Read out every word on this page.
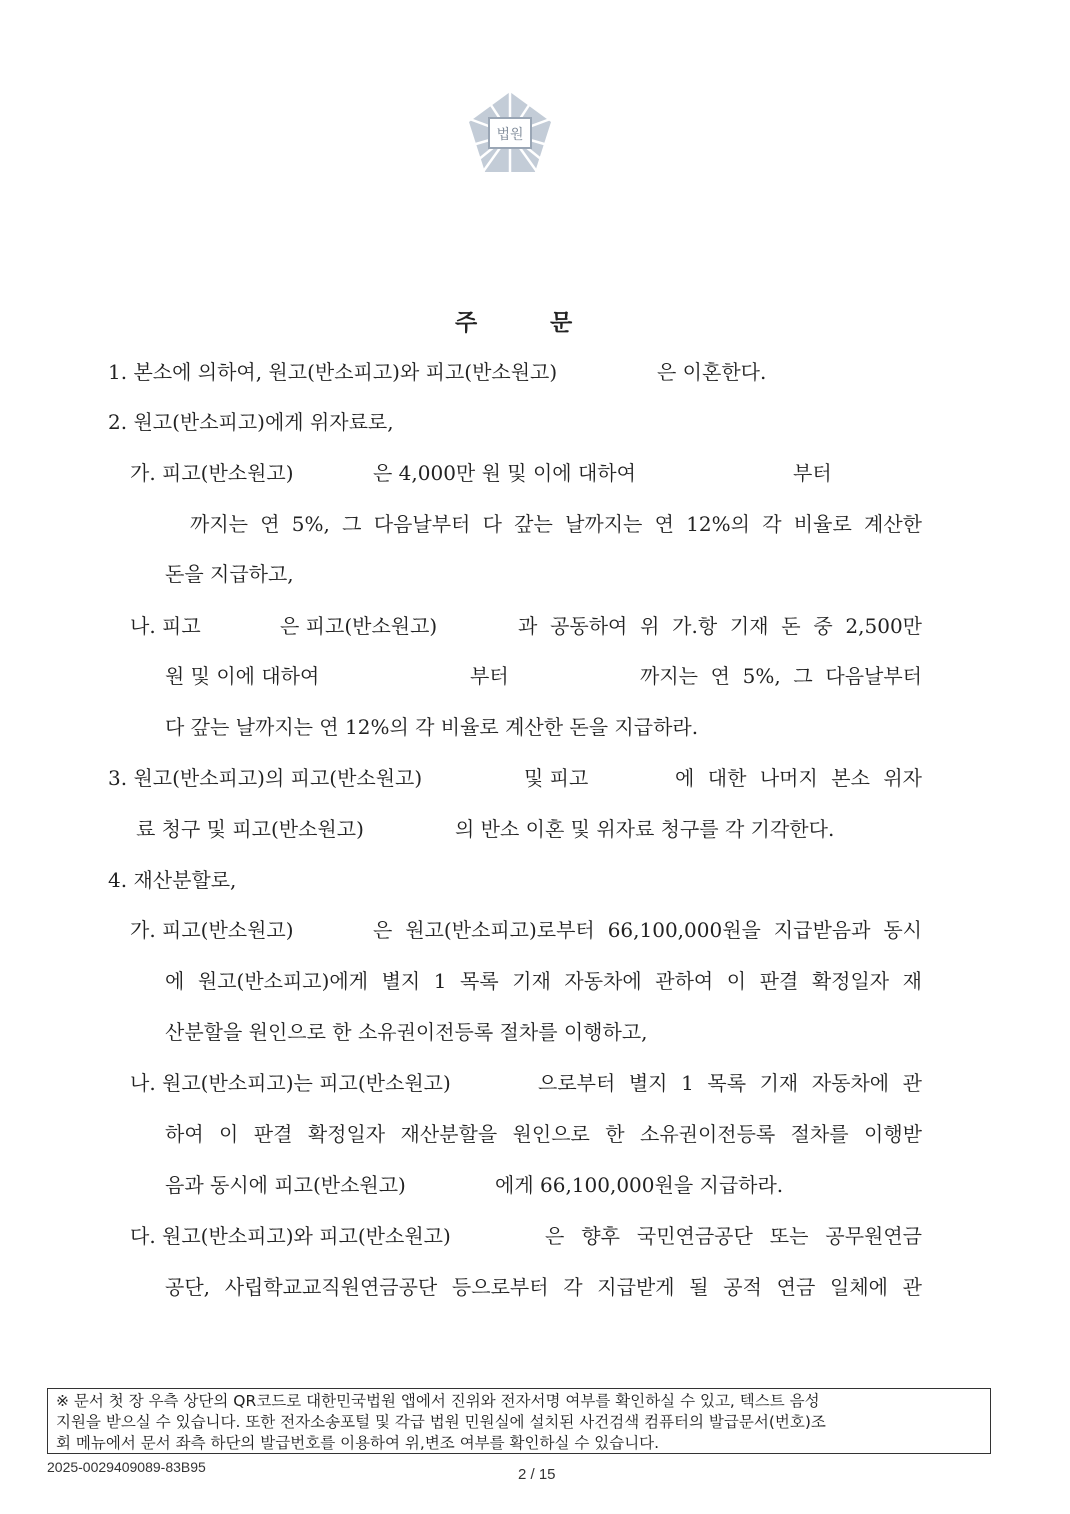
법원
주	문
1. 본소에 의하여, 원고(반소피고)와 피고(반소원고)	은 이혼한다.
2. 원고(반소피고)에게 위자료로,
가. 피고(반소원고)	은 4,000만 원 및 이에 대하여	부터
까지는 연 5%, 그 다음날부터 다 갚는 날까지는 연 12%의 각 비율로 계산한
돈을 지급하고,
나. 피고	은 피고(반소원고)	과 공동하여 위 가.항 기재 돈 중 2,500만
원 및 이에 대하여	부터	까지는 연 5%, 그 다음날부터
다 갚는 날까지는 연 12%의 각 비율로 계산한 돈을 지급하라.
3. 원고(반소피고)의 피고(반소원고)	및 피고	에 대한 나머지 본소 위자
료 청구 및 피고(반소원고)	의 반소 이혼 및 위자료 청구를 각 기각한다.
4. 재산분할로,
가. 피고(반소원고)	은 원고(반소피고)로부터 66,100,000원을 지급받음과 동시
에 원고(반소피고)에게 별지 1 목록 기재 자동차에 관하여 이 판결 확정일자 재
산분할을 원인으로 한 소유권이전등록 절차를 이행하고,
나. 원고(반소피고)는 피고(반소원고)	으로부터 별지 1 목록 기재 자동차에 관
하여 이 판결 확정일자 재산분할을 원인으로 한 소유권이전등록 절차를 이행받
음과 동시에 피고(반소원고)	에게 66,100,000원을 지급하라.
다. 원고(반소피고)와 피고(반소원고)	은 향후 국민연금공단 또는 공무원연금
공단, 사립학교교직원연금공단 등으로부터 각 지급받게 될 공적 연금 일체에 관
※ 문서 첫 장 우측 상단의 QR코드로 대한민국법원 앱에서 진위와 전자서명 여부를 확인하실 수 있고, 텍스트 음성
지원을 받으실 수 있습니다. 또한 전자소송포털 및 각급 법원 민원실에 설치된 사건검색 컴퓨터의 발급문서(번호)조
회 메뉴에서 문서 좌측 하단의 발급번호를 이용하여 위,변조 여부를 확인하실 수 있습니다.
2025-0029409089-83B95	2 / 15
